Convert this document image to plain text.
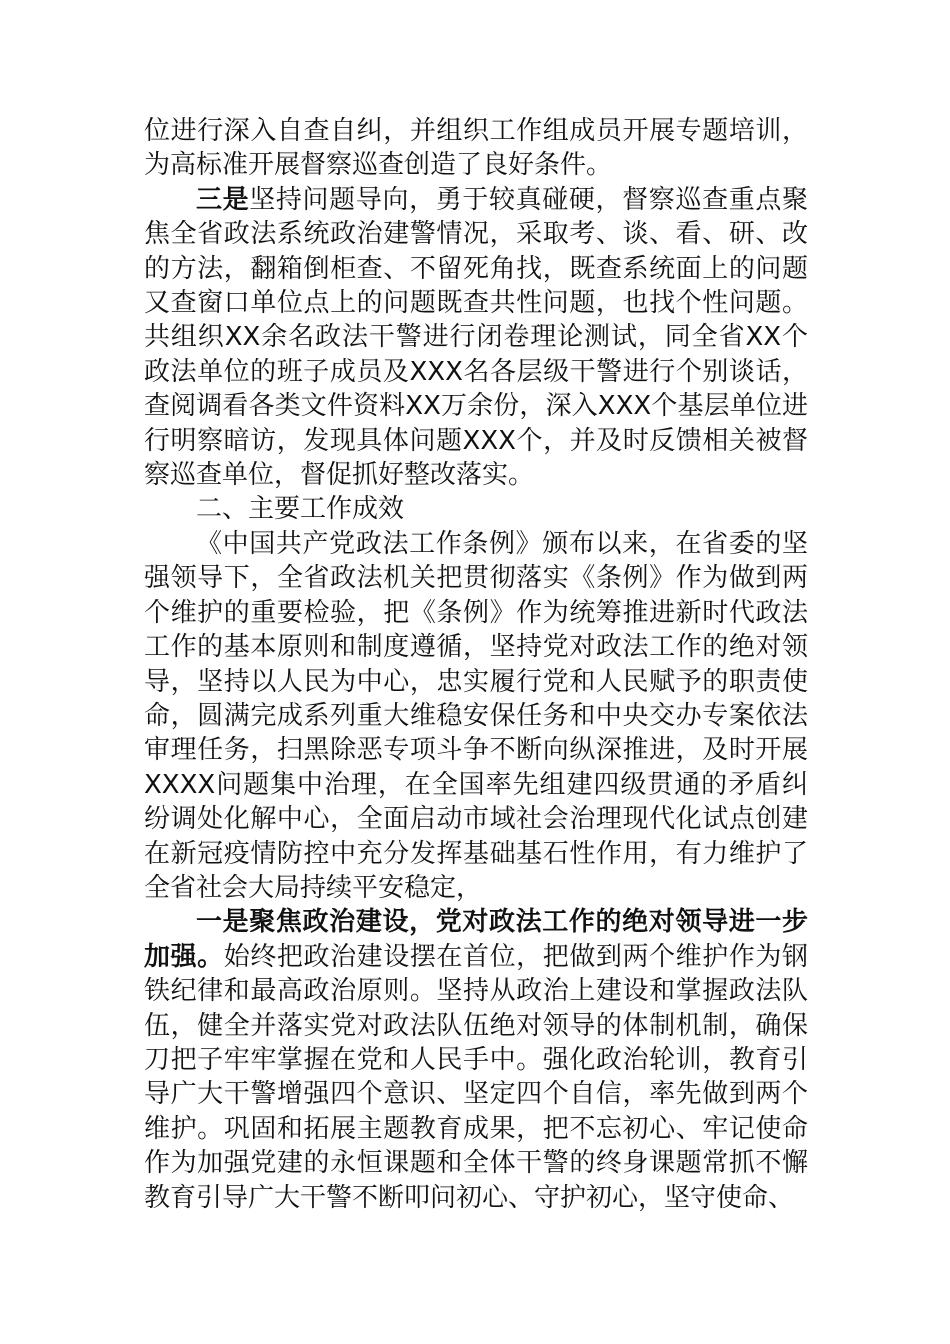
位进行深入自查自纠，并组织工作组成员开展专题培训，为高标准开展督察巡查创造了良好条件。

三是坚持问题导向，勇于较真碰硬，督察巡查重点聚焦全省政法系统政治建警情况，采取考、谈、看、研、改的方法，翻箱倒柜查、不留死角找，既查系统面上的问题又查窗口单位点上的问题既查共性问题，也找个性问题。共组织XX余名政法干警进行闭卷理论测试，同全省XX个政法单位的班子成员及XXX名各层级干警进行个别谈话，查阅调看各类文件资料XX万余份，深入XXX个基层单位进行明察暗访，发现具体问题XXX个，并及时反馈相关被督察巡查单位，督促抓好整改落实。

二、主要工作成效

《中国共产党政法工作条例》颁布以来，在省委的坚强领导下，全省政法机关把贯彻落实《条例》作为做到两个维护的重要检验，把《条例》作为统筹推进新时代政法工作的基本原则和制度遵循，坚持党对政法工作的绝对领导，坚持以人民为中心，忠实履行党和人民赋予的职责使命，圆满完成系列重大维稳安保任务和中央交办专案依法审理任务，扫黑除恶专项斗争不断向纵深推进，及时开展XXXX问题集中治理，在全国率先组建四级贯通的矛盾纠纷调处化解中心，全面启动市域社会治理现代化试点创建在新冠疫情防控中充分发挥基础基石性作用，有力维护了全省社会大局持续平安稳定，

一是聚焦政治建设，党对政法工作的绝对领导进一步加强。始终把政治建设摆在首位，把做到两个维护作为钢铁纪律和最高政治原则。坚持从政治上建设和掌握政法队伍，健全并落实党对政法队伍绝对领导的体制机制，确保刀把子牢牢掌握在党和人民手中。强化政治轮训，教育引导广大干警增强四个意识、坚定四个自信，率先做到两个维护。巩固和拓展主题教育成果，把不忘初心、牢记使命作为加强党建的永恒课题和全体干警的终身课题常抓不懈教育引导广大干警不断叩问初心、守护初心，坚守使命、
